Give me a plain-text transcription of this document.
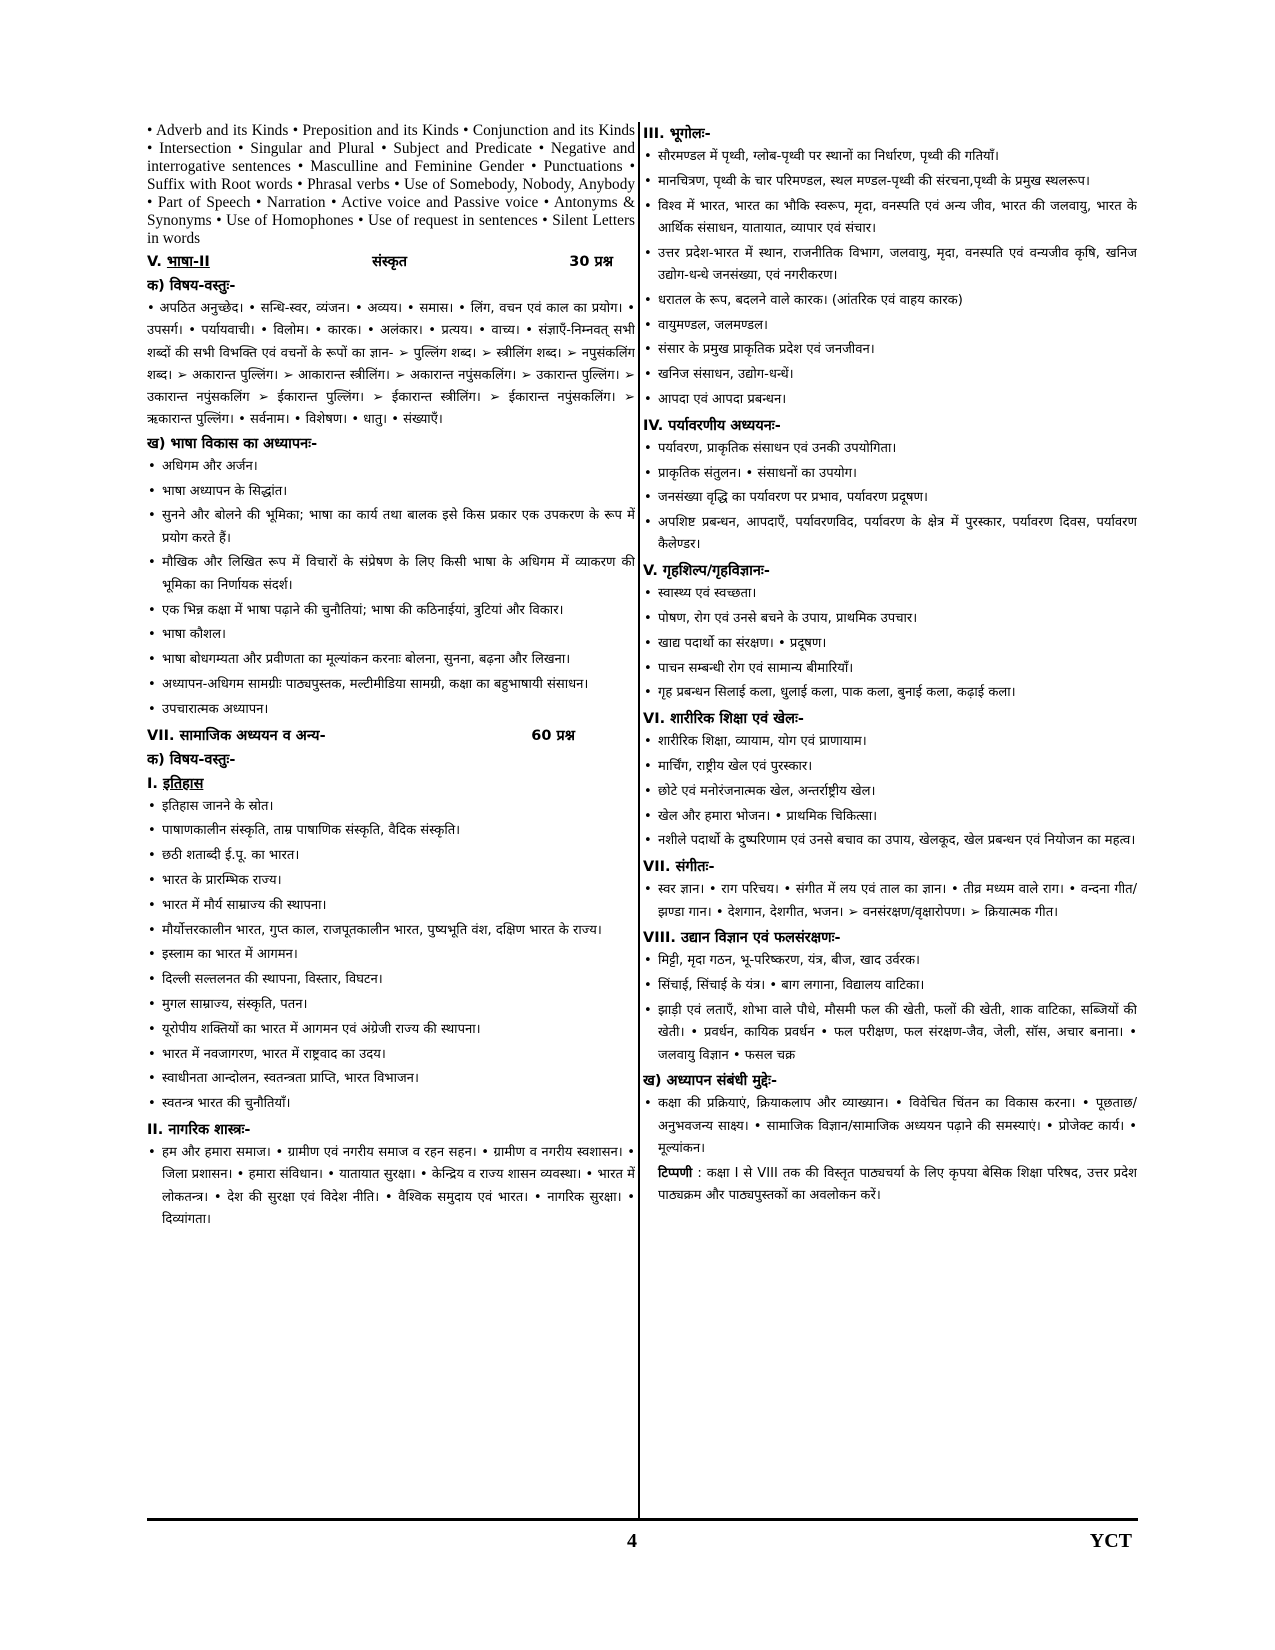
• Adverb and its Kinds • Preposition and its Kinds • Conjunction and its Kinds • Intersection • Singular and Plural • Subject and Predicate • Negative and interrogative sentences • Masculline and Feminine Gender • Punctuations • Suffix with Root words • Phrasal verbs • Use of Somebody, Nobody, Anybody • Part of Speech • Narration • Active voice and Passive voice • Antonyms & Synonyms • Use of Homophones • Use of request in sentences • Silent Letters in words

V. भाषा-II	संस्कृत	30 प्रश्न

क) विषय-वस्तुः-

• अपठित अनुच्छेद। • सन्धि-स्वर, व्यंजन। • अव्यय। • समास। • लिंग, वचन एवं काल का प्रयोग। • उपसर्ग। • पर्यायवाची। • विलोम। • कारक। • अलंकार। • प्रत्यय। • वाच्य। • संज्ञाएँ-निम्नवत् सभी शब्दों की सभी विभक्ति एवं वचनों के रूपों का ज्ञान- ➢ पुल्लिंग शब्द। ➢ स्त्रीलिंग शब्द। ➢ नपुसंकलिंग शब्द। ➢ अकारान्त पुल्लिंग। ➢ आकारान्त स्त्रीलिंग। ➢ अकारान्त नपुंसकलिंग। ➢ उकारान्त पुल्लिंग। ➢ उकारान्त नपुंसकलिंग ➢ ईकारान्त पुल्लिंग। ➢ ईकारान्त स्त्रीलिंग। ➢ ईकारान्त नपुंसकलिंग। ➢ ऋकारान्त पुल्लिंग। • सर्वनाम। • विशेषण। • धातु। • संख्याएँ।

ख) भाषा विकास का अध्यापनः-

• अधिगम और अर्जन।

• भाषा अध्यापन के सिद्धांत।

• सुनने और बोलने की भूमिका; भाषा का कार्य तथा बालक इसे किस प्रकार एक उपकरण के रूप में प्रयोग करते हैं।

• मौखिक और लिखित रूप में विचारों के संप्रेषण के लिए किसी भाषा के अधिगम में व्याकरण की भूमिका का निर्णायक संदर्श।

• एक भिन्न कक्षा में भाषा पढ़ाने की चुनौतियां; भाषा की कठिनाईयां, त्रुटियां और विकार।

• भाषा कौशल।

• भाषा बोधगम्यता और प्रवीणता का मूल्यांकन करनाः बोलना, सुनना, बढ़ना और लिखना।

• अध्यापन-अधिगम सामग्रीः पाठ्यपुस्तक, मल्टीमीडिया सामग्री, कक्षा का बहुभाषायी संसाधन।

• उपचारात्मक अध्यापन।

VII. सामाजिक अध्ययन व अन्य-	60 प्रश्न

क) विषय-वस्तुः-

I. इतिहास

• इतिहास जानने के स्रोत।

• पाषाणकालीन संस्कृति, ताम्र पाषाणिक संस्कृति, वैदिक संस्कृति।

• छठी शताब्दी ई.पू. का भारत।

• भारत के प्रारम्भिक राज्य।

• भारत में मौर्य साम्राज्य की स्थापना।

• मौर्योत्तरकालीन भारत, गुप्त काल, राजपूतकालीन भारत, पुष्यभूति वंश, दक्षिण भारत के राज्य।

• इस्लाम का भारत में आगमन।

• दिल्ली सल्तलनत की स्थापना, विस्तार, विघटन।

• मुगल साम्राज्य, संस्कृति, पतन।

• यूरोपीय शक्तियों का भारत में आगमन एवं अंग्रेजी राज्य की स्थापना।

• भारत में नवजागरण, भारत में राष्ट्रवाद का उदय।

• स्वाधीनता आन्दोलन, स्वतन्त्रता प्राप्ति, भारत विभाजन।

• स्वतन्त्र भारत की चुनौतियाँ।

II. नागरिक शास्त्रः-

• हम और हमारा समाज। • ग्रामीण एवं नगरीय समाज व रहन सहन। • ग्रामीण व नगरीय स्वशासन। • जिला प्रशासन। • हमारा संविधान। • यातायात सुरक्षा। • केन्द्रिय व राज्य शासन व्यवस्था। • भारत में लोकतन्त्र। • देश की सुरक्षा एवं विदेश नीति। • वैश्विक समुदाय एवं भारत। • नागरिक सुरक्षा। • दिव्यांगता।

III. भूगोलः-

• सौरमण्डल में पृथ्वी, ग्लोब-पृथ्वी पर स्थानों का निर्धारण, पृथ्वी की गतियाँ।

• मानचित्रण, पृथ्वी के चार परिमण्डल, स्थल मण्डल-पृथ्वी की संरचना,पृथ्वी के प्रमुख स्थलरूप।

• विश्व में भारत, भारत का भौकि स्वरूप, मृदा, वनस्पति एवं अन्य जीव, भारत की जलवायु, भारत के आर्थिक संसाधन, यातायात, व्यापार एवं संचार।

• उत्तर प्रदेश-भारत में स्थान, राजनीतिक विभाग, जलवायु, मृदा, वनस्पति एवं वन्यजीव कृषि, खनिज उद्योग-धन्धे जनसंख्या, एवं नगरीकरण।

• धरातल के रूप, बदलने वाले कारक। (आंतरिक एवं वाहय कारक)

• वायुमण्डल, जलमण्डल।

• संसार के प्रमुख प्राकृतिक प्रदेश एवं जनजीवन।

• खनिज संसाधन, उद्योग-धन्धें।

• आपदा एवं आपदा प्रबन्धन।

IV. पर्यावरणीय अध्ययनः-

• पर्यावरण, प्राकृतिक संसाधन एवं उनकी उपयोगिता।

• प्राकृतिक संतुलन। • संसाधनों का उपयोग।

• जनसंख्या वृद्धि का पर्यावरण पर प्रभाव, पर्यावरण प्रदूषण।

• अपशिष्ट प्रबन्धन, आपदाएँ, पर्यावरणविद, पर्यावरण के क्षेत्र में पुरस्कार, पर्यावरण दिवस, पर्यावरण कैलेण्डर।

V. गृहशिल्प/गृहविज्ञानः-

• स्वास्थ्य एवं स्वच्छता।

• पोषण, रोग एवं उनसे बचने के उपाय, प्राथमिक उपचार।

• खाद्य पदार्थो का संरक्षण। • प्रदूषण।

• पाचन सम्बन्धी रोग एवं सामान्य बीमारियाँ।

• गृह प्रबन्धन सिलाई कला, धुलाई कला, पाक कला, बुनाई कला, कढ़ाई कला।

VI. शारीरिक शिक्षा एवं खेलः-

• शारीरिक शिक्षा, व्यायाम, योग एवं प्राणायाम।

• मार्चिंग, राष्ट्रीय खेल एवं पुरस्कार।

• छोटे एवं मनोरंजनात्मक खेल, अन्तर्राष्ट्रीय खेल।

• खेल और हमारा भोजन। • प्राथमिक चिकित्सा।

• नशीले पदार्थो के दुष्परिणाम एवं उनसे बचाव का उपाय, खेलकूद, खेल प्रबन्धन एवं नियोजन का महत्व।

VII. संगीतः-

• स्वर ज्ञान। • राग परिचय। • संगीत में लय एवं ताल का ज्ञान। • तीव्र मध्यम वाले राग। • वन्दना गीत/झण्डा गान। • देशगान, देशगीत, भजन। ➢ वनसंरक्षण/वृक्षारोपण। ➢ क्रियात्मक गीत।

VIII. उद्यान विज्ञान एवं फलसंरक्षणः-

• मिट्टी, मृदा गठन, भू-परिष्करण, यंत्र, बीज, खाद उर्वरक।

• सिंचाई, सिंचाई के यंत्र। • बाग लगाना, विद्यालय वाटिका।

• झाड़ी एवं लताएँ, शोभा वाले पौधे, मौसमी फल की खेती, फलों की खेती, शाक वाटिका, सब्जियों की खेती। • प्रवर्धन, कायिक प्रवर्धन • फल परीक्षण, फल संरक्षण-जैव, जेली, सॉस, अचार बनाना। • जलवायु विज्ञान • फसल चक्र

ख) अध्यापन संबंधी मुद्देः-

• कक्षा की प्रक्रियाएं, क्रियाकलाप और व्याख्यान। • विवेचित चिंतन का विकास करना। • पूछताछ/अनुभवजन्य साक्ष्य। • सामाजिक विज्ञान/सामाजिक अध्ययन पढ़ाने की समस्याएं। • प्रोजेक्ट कार्य। • मूल्यांकन।

टिप्पणी : कक्षा I से VIII तक की विस्तृत पाठ्यचर्या के लिए कृपया बेसिक शिक्षा परिषद, उत्तर प्रदेश पाठ्यक्रम और पाठ्यपुस्तकों का अवलोकन करें।

4	YCT
